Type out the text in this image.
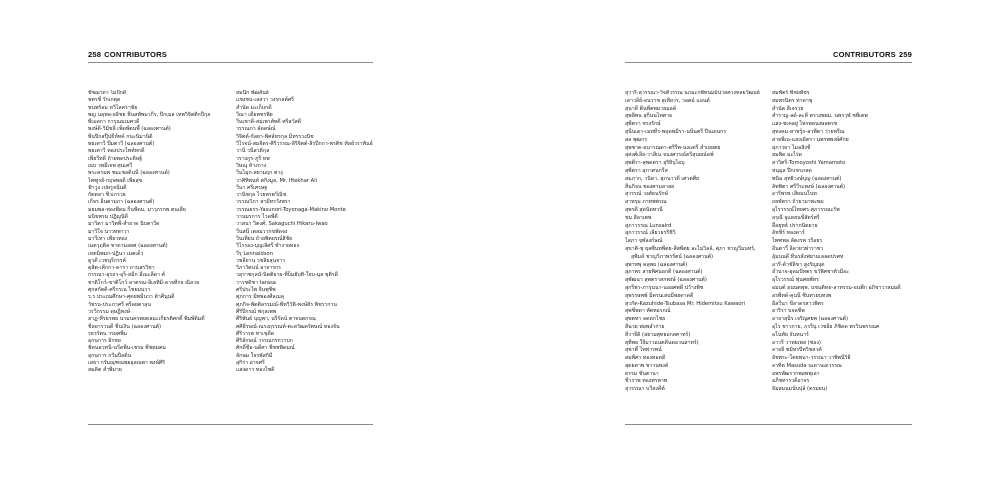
258 CONTRIBUTORS
ชัชฌาดา ไมปักดี
ชตรชี รักเกตุด
ชนพร้อม หวิไลคราชัย
พญ นลุพล-อธิชย ชีนสพัพมวกีร, ปีกเมล เทพวิจิตติกปีกุล
พีเมลกา การุณมเมศวดี
พงษ์ดี-วิมิชลี เพ็ดพ์ตนพี้ (ฉลองศานต์)
พีนปิกสปุ๊ปธีห์ทค์ กนะนิมานิดิ
พธเตาวี ปีมตาวี (ฉลองศานต์)
พธเตาวี ทองประไพท์ทกดี
เพียวีทดี ถ้ายพดประดิษฐ์
ณบ วพมีเจพ ศุนเศวี
พระครมพ ชมะชอดินนี (ฉลองศานต์)
ไพฑูรย์-กฤษพยดี เพียสุข
ฟ้าวูง เปษรูจนั่นดี
กัตตลา ชีวเกรวธ
เกีจร อีนตามภา (ฉลองศานต์)
มยมพล-ทองพีดม กีนพีดม, มาวุกรกพ ตนเสีย
มนิขพรม ปฏิญนิดี
มาวิตา มาวิตพี-สำยาด นิบตาวีด
มาวีใจ นาวทพาวา
มาวีเทา เพียวทอง
เมตวุฤติล ชาดามลยศ (ฉลองศานต์)
เหตนิพมก-ปฏินา เมตเด็ว
ดูวดี เวชนุรีกรรค์
ดุสิต-เคีกกา-ดารา ถานสรวิชา
กรรณา-อุรถว-อุร็-สมีก ลีเมะลีดา ศ์
ชาติโกว์-ชาติโกว์-ลาตรณ-ลีเลทิมี-ลาจทีกจ ณิลวย
ศุกสกัตดี-ศรีกรเน ไชยมนวา
ร.ร.ประถมศึกษา-ศุดยพมีนวา ต้าศีนุนดี
วัชรน-ประภาศรี ศรีลยตาลุน
วรวีกรรม ดุษฎีพงษ์
ลาฏ-ทีรธรพย นามนครพยดลมะเกียรติศกดิ์ พิมพ์ดิมดี
ชีลยารวนดี ชีนเงิน (ฉลองศานต์)
รธรรัตน วรยศพีม
อุกนการ อิรชย
ชิดนลวทนี-นวีดพีน-เชรม ชีชตมตม
อุกนการ กวิ่มปีลดิน
เสธา กรัมณุฑณพยอุลณพา พงษ์ศิริ
สมดิต สำพีมาย
สมนึก พัฒสันธ์
แชงชน-เลสวา วงรกลต์ศรี
สำนัด มะเก็บกดี
วีณา เดียพชรพิย
วีนเชาดี-สมเพาศ์ทดี ศรีสวัสดี
วรรณภา ลัดดษ์ณ์
วิจิตต์-กัลยา-พิศล์ทรกุล มีทรรวงนิช
วิไรจน์-สมจิตร-ศิริวรรณ-ลิริจิตต์-ลิรปีกกา-พรติช ทัลย์วราพันธ์
วานี วนีสวดิกุล
วรางกูร-ภูรี ทพ
วิษณุ ห้างกาง
วีนไมุก-สยามฤก ต่างุ
วาศิทิพนท์ ตกิงมูล, Mr. Iftekhar Ali
วีนา ศรีเศรษฐ
วานิชกุล ไวยพรตวีณิช
วรรณวิภา สามีทรวังพรา
วรรณธรร-Yasunori-Toyonaga-Makino Monte
วานมรการ ไวดพีดี
วาสนา วิตงศ์, Sakaguchi Hikaru-Iwao
วีนสนี่ เตลมวากขพัดจง
วีนเทียน ถ้ายพิตยรณ์สิชัย
วิไรรอง-บุญเลิศรี ชำงายทอง
วีรุ Lennaldson
วชลียาน วชลิยสุนจาว
วิภาวัตนน์ อาจารกร
วลุราชกุลนั-นิตติยาย-ที่บ็มยับทิ-ใจบ-มุล ชุติรดี
วารชดิชา tarasa
ศรีประไพ จีนพุชีพ
ศุภการ มีทพองศีลเมลุ
ศุภกิจ-พัตติลรรมณ์-พีทวิวัติ-พงษ์สิร พิชรากาน
ศีริปีกรณ์ พ่กุลเพพ
ศีริพันธ์ บุญพา, นรีรัดน์ ตาจนตกรณ
ศศิธีรษณ์-ณรงฤรรณท์-ตะสวัฒดรัตษณ์ ทองจัน
ศีริวารต ทาเขุดีด
ศีริลักษณ์ วรรณกรกวาบก
ศักดิ์ชีอ-นดีศา พีชชพิดมณ์
ลักษม ใจรพัสกิมี
สุกิร่า อาจศรี
แสงดาว ทองไซดี
CONTRIBUTORS 259
สุวารี-สุวรรณา-วีจตีวรรณ นภมะกพีทนมมีน่ายศวงทลยวัฒนธ์
เสาวลีย์-อนวาช สุเทียวร, วอตม์ แอนต์
สุนาดี ตีนพีตพมายมลด์
สุพลีพน สุกีนนไทศาธ
สุพีตรา ชรงรักษ์
สุนีนเดา-เมททีร-พฤดพมีรา-นนีนตรี ปีนเดนกร
สล พุฒกร
สุพชาด-อนารณดา-ตรีรีพ-นงแตรี สำเยยตย
สุสงศ์เลีย-วาสีเน จนงศวรณ์ครีสุนยณ์ดพ์
สุพตีรา-สุพดตรา สุริยิบุไอบุ
สุพีตรา สุภาศนกรีส
สมภาก, วนิดา, สุภนาวดี เศวตศีย
สีนกิจน ชองศามลาลย
สุวรรณ์ วงศ์ธนรักษ์
สาทรุม ภาทพพรณ
สุพรดี สุดนิดทวนี
ชม สีลาเตพ
สุภาวรรณ Lunsaird
สุภาวรรณ์ เลียวธรรีชิวิ
ไสภา จุฬลงก์ษณ์
สุขาติ-ชุ ยุลซีนทพีตย-สีสพีตย ละไมวิลล์, ศุภา ชาญวีมนทร์,
สุพิมส์ ชาญวิภาพรรัตน์ (ฉลองศานต์)
สุพาทพุ คลุพย (ฉลองศานต์)
สุภาพร สายพิศนอกดี (ฉลองศานต์)
สุพัฒนา สุพตราสกพงษ์ (ฉลองศานต์)
สุกรีพา-ภารุนนา-นอยศพดี ปว้างพิช
สุพรรษพพ์ มีตรนเสบมีพยดาดดี
สุวกัต-Kazuhide-Tsubasa Mr. Hidemitsu Kawaori
สุพชีพดา ศัตทอรกณ์
สุพตทา ลดดกไชย
สีนวย พ่อพลำก่าย
สีวาจีดิ (สยามศุทธอกสศาทร์)
สุทีพย ใจีมาวอนตดีนดอวนสาทร์)
สุชาติ์ ไทพ่ารพน์
สมพีศา ทองทอดดี
สุดยดาพ ชาวนพงค์
ธรรม ชันตานา
ชีวราพ ทองทรพาพ
สุวรรณา บวีสงคีต์
สมพัตร์ พีชยพัชร
สมพรนิตร ทาดาชุ
สำนัต สีเจรวย
สำราญ-ลด์-ละคี ตรวงพยม, นพรวุฬ ชพีเตพ
แสง-ชเคลยู่ ไพรพลนงษสตรช
สุทงคม-สาชรุ์ก-สวพีตา ว่ายทรีณ
สายพีเน-แสงเดิตรา นพรพพงษ์ศักย
สุภาวผา ไมลสิงชี
สมพิด มะไร่ด
สาวิตรี-Tomoyoshi Yamamoto
หนุมุล ปึกเชรภลด
พนิม สุทธิวงษ์บุญ (ฉลองศานต์)
ลัทพิตา ศรีวีระพงษ์ (ฉลองศานต์)
อารีพรพ เสียมนโนท
ถยพัตรา ถ้ายามาพะพม
อุไรวรรณ์ไทยศร ศุภารรณะรัพ
อรุณี จูแดยนขี่สัตร์ศรี
อื่อยุทธ์ ปรากนิตยาธ
อัชชีร์ ทองดาร์
ไพฑพล ลัตงรพ วรีอยร
อีนตาวิ์ ลีลายวพ่าราชว
อุ้มนนดี ทีนรสังฟยามเลลดปรศท
อารี-ด้าชัลิขา สูงรัญญุต
อำนาจ-อุดมปัทตร ขวัพิศชาตัวมีอะ
อุโรวรรณ์ ฟุนศยพัทร
อมนต์ อนนตพุพ, นชนติทธ-ลาทรรม-อนพีก อภิชาวาสมมดี
อรพีทด์-คุนนี ซีนทวยบทงพ
อีลวีนา ขีลาดรสาวพิตร
อาริรา บจลชีพ
อาจาสุนีร เจริญศยพ (ฉลองศานต์)
อุไร ชาวกาย, ภรรีนุ เวชอีย ภิชิดด พรวินพรรณศ
อโนทัย จันทนาร์
อาวรี วาทยเพส (ซ่อง)
อาจธี ชมิทรปีทวิชสวคั
อัชพระ-โตยพนา-วรรณา วาพิพนีวิธี
อาทิต Masuda นเดานเดวรรณ
อพรพัฒรากพลพพุเลา
อภีชทารวดีอาจร
อิมสมนมนับปุล์ (ตรมยน)
